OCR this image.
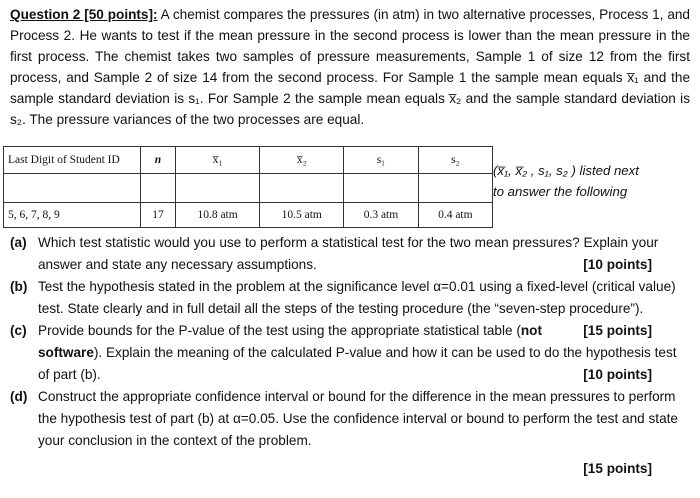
Question 2 [50 points]: A chemist compares the pressures (in atm) in two alternative processes, Process 1, and Process 2. He wants to test if the mean pressure in the second process is lower than the mean pressure in the first process. The chemist takes two samples of pressure measurements, Sample 1 of size 12 from the first process, and Sample 2 of size 14 from the second process. For Sample 1 the sample mean equals x̅₁ and the sample standard deviation is s₁. For Sample 2 the sample mean equals x̅₂ and the sample standard deviation is s₂. The pressure variances of the two processes are equal.
Last Digit of Student ID	n	x̅₁	x̅₂	s₁	s₂

5, 6, 7, 8, 9	17	10.8 atm	10.5 atm	0.3 atm	0.4 atm
(x̅₁, x̅₂ , s₁, s₂ ) listed next
to answer the following
(a) Which test statistic would you use to perform a statistical test for the two mean pressures? Explain your answer and state any necessary assumptions.	[10 points]
(b) Test the hypothesis stated in the problem at the significance level α=0.01 using a fixed-level (critical value) test. State clearly and in full detail all the steps of the testing procedure (the “seven-step procedure”).
[15 points]
(c) Provide bounds for the P-value of the test using the appropriate statistical table (not software). Explain the meaning of the calculated P-value and how it can be used to do the hypothesis test of part (b).	[10 points]
(d) Construct the appropriate confidence interval or bound for the difference in the mean pressures to perform the hypothesis test of part (b) at α=0.05. Use the confidence interval or bound to perform the test and state your conclusion in the context of the problem.
[15 points]
